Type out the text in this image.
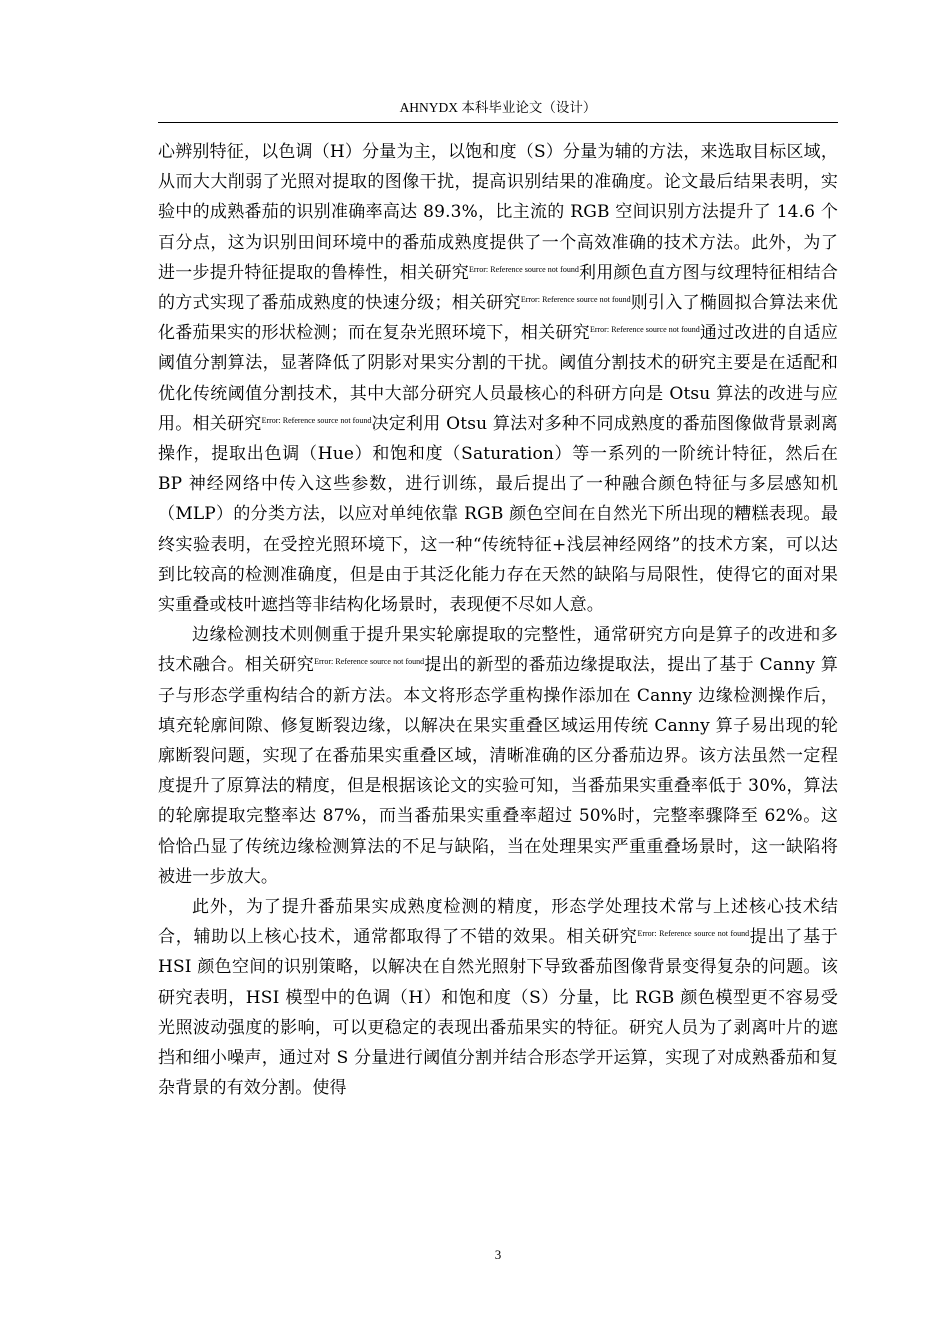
AHNYDX 本科毕业论文（设计）

心辨别特征，以色调（H）分量为主，以饱和度（S）分量为辅的方法，来选取目标区域，从而大大削弱了光照对提取的图像干扰，提高识别结果的准确度。论文最后结果表明，实验中的成熟番茄的识别准确率高达 89.3%，比主流的 RGB 空间识别方法提升了 14.6 个百分点，这为识别田间环境中的番茄成熟度提供了一个高效准确的技术方法。此外，为了进一步提升特征提取的鲁棒性，相关研究$^{Error: Reference source not found}$利用颜色直方图与纹理特征相结合的方式实现了番茄成熟度的快速分级；相关研究$^{Error: Reference source not found}$则引入了椭圆拟合算法来优化番茄果实的形状检测；而在复杂光照环境下，相关研究$^{Error: Reference source not found}$通过改进的自适应阈值分割算法，显著降低了阴影对果实分割的干扰。阈值分割技术的研究主要是在适配和优化传统阈值分割技术，其中大部分研究人员最核心的科研方向是 Otsu 算法的改进与应用。相关研究$^{Error: Reference source not found}$决定利用 Otsu 算法对多种不同成熟度的番茄图像做背景剥离操作，提取出色调（Hue）和饱和度（Saturation）等一系列的一阶统计特征，然后在 BP 神经网络中传入这些参数，进行训练，最后提出了一种融合颜色特征与多层感知机（MLP）的分类方法，以应对单纯依靠 RGB 颜色空间在自然光下所出现的糟糕表现。最终实验表明，在受控光照环境下，这一种“传统特征+浅层神经网络”的技术方案，可以达到比较高的检测准确度，但是由于其泛化能力存在天然的缺陷与局限性，使得它的面对果实重叠或枝叶遮挡等非结构化场景时，表现便不尽如人意。

边缘检测技术则侧重于提升果实轮廓提取的完整性，通常研究方向是算子的改进和多技术融合。相关研究$^{Error: Reference source not found}$提出的新型的番茄边缘提取法，提出了基于 Canny 算子与形态学重构结合的新方法。本文将形态学重构操作添加在 Canny 边缘检测操作后，填充轮廓间隙、修复断裂边缘，以解决在果实重叠区域运用传统 Canny 算子易出现的轮廓断裂问题，实现了在番茄果实重叠区域，清晰准确的区分番茄边界。该方法虽然一定程度提升了原算法的精度，但是根据该论文的实验可知，当番茄果实重叠率低于 30%，算法的轮廓提取完整率达 87%，而当番茄果实重叠率超过 50%时，完整率骤降至 62%。这恰恰凸显了传统边缘检测算法的不足与缺陷，当在处理果实严重重叠场景时，这一缺陷将被进一步放大。

此外，为了提升番茄果实成熟度检测的精度，形态学处理技术常与上述核心技术结合，辅助以上核心技术，通常都取得了不错的效果。相关研究$^{Error: Reference source not found}$提出了基于 HSI 颜色空间的识别策略，以解决在自然光照射下导致番茄图像背景变得复杂的问题。该研究表明，HSI 模型中的色调（H）和饱和度（S）分量，比 RGB 颜色模型更不容易受光照波动强度的影响，可以更稳定的表现出番茄果实的特征。研究人员为了剥离叶片的遮挡和细小噪声，通过对 S 分量进行阈值分割并结合形态学开运算，实现了对成熟番茄和复杂背景的有效分割。使得

3
